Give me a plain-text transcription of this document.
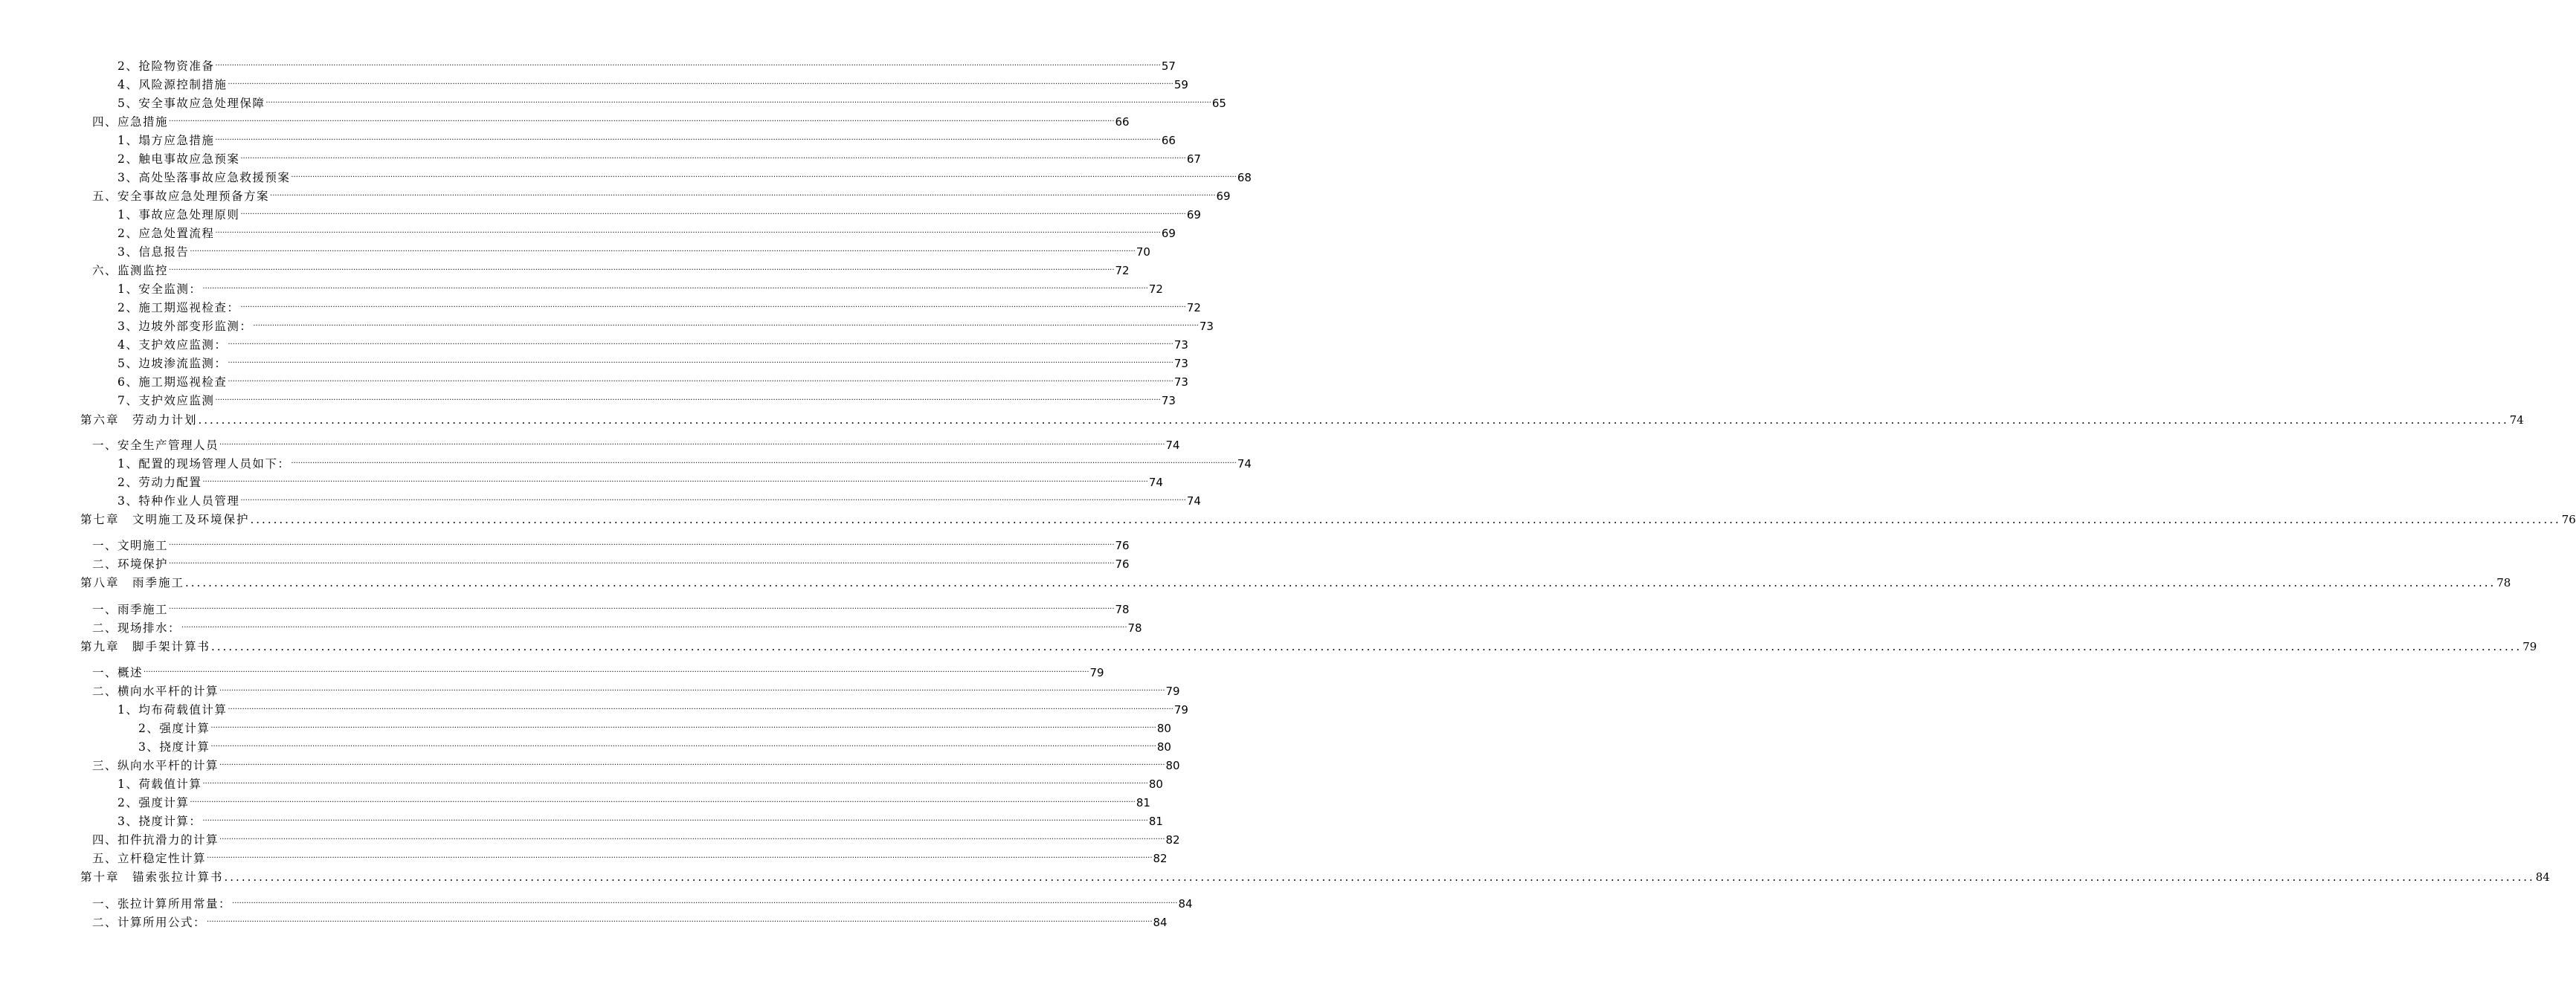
2、抢险物资准备 ................................................................................................................................................................................................................................................................................................................................................................................................................ 57
4、风险源控制措施 ................................................................................................................................................................................................................................................................................................................................................................................................................ 59
5、安全事故应急处理保障 ................................................................................................................................................................................................................................................................................................................................................................................................................ 65
四、应急措施 ................................................................................................................................................................................................................................................................................................................................................................................................................ 66
1、塌方应急措施 ................................................................................................................................................................................................................................................................................................................................................................................................................ 66
2、触电事故应急预案 ................................................................................................................................................................................................................................................................................................................................................................................................................ 67
3、高处坠落事故应急救援预案 ................................................................................................................................................................................................................................................................................................................................................................................................................ 68
五、安全事故应急处理预备方案 ................................................................................................................................................................................................................................................................................................................................................................................................................ 69
1、事故应急处理原则 ................................................................................................................................................................................................................................................................................................................................................................................................................ 69
2、应急处置流程 ................................................................................................................................................................................................................................................................................................................................................................................................................ 69
3、信息报告 ................................................................................................................................................................................................................................................................................................................................................................................................................ 70
六、监测监控 ................................................................................................................................................................................................................................................................................................................................................................................................................ 72
1、安全监测： ................................................................................................................................................................................................................................................................................................................................................................................................................ 72
2、施工期巡视检查： ................................................................................................................................................................................................................................................................................................................................................................................................................ 72
3、边坡外部变形监测： ................................................................................................................................................................................................................................................................................................................................................................................................................ 73
4、支护效应监测： ................................................................................................................................................................................................................................................................................................................................................................................................................ 73
5、边坡渗流监测： ................................................................................................................................................................................................................................................................................................................................................................................................................ 73
6、施工期巡视检查 ................................................................................................................................................................................................................................................................................................................................................................................................................ 73
7、支护效应监测 ................................................................................................................................................................................................................................................................................................................................................................................................................ 73
第六章　劳动力计划 ................................................................................................................................................................................................................................................................................................................................................................................................................ 74
一、安全生产管理人员 ................................................................................................................................................................................................................................................................................................................................................................................................................ 74
1、配置的现场管理人员如下： ................................................................................................................................................................................................................................................................................................................................................................................................................ 74
2、劳动力配置 ................................................................................................................................................................................................................................................................................................................................................................................................................ 74
3、特种作业人员管理 ................................................................................................................................................................................................................................................................................................................................................................................................................ 74
第七章　文明施工及环境保护 ................................................................................................................................................................................................................................................................................................................................................................................................................ 76
一、文明施工 ................................................................................................................................................................................................................................................................................................................................................................................................................ 76
二、环境保护 ................................................................................................................................................................................................................................................................................................................................................................................................................ 76
第八章　雨季施工 ................................................................................................................................................................................................................................................................................................................................................................................................................ 78
一、雨季施工 ................................................................................................................................................................................................................................................................................................................................................................................................................ 78
二、现场排水： ................................................................................................................................................................................................................................................................................................................................................................................................................ 78
第九章　脚手架计算书 ................................................................................................................................................................................................................................................................................................................................................................................................................ 79
一、概述 ................................................................................................................................................................................................................................................................................................................................................................................................................ 79
二、横向水平杆的计算 ................................................................................................................................................................................................................................................................................................................................................................................................................ 79
1、均布荷载值计算 ................................................................................................................................................................................................................................................................................................................................................................................................................ 79
2、强度计算 ................................................................................................................................................................................................................................................................................................................................................................................................................ 80
3、挠度计算 ................................................................................................................................................................................................................................................................................................................................................................................................................ 80
三、纵向水平杆的计算 ................................................................................................................................................................................................................................................................................................................................................................................................................ 80
1、荷载值计算 ................................................................................................................................................................................................................................................................................................................................................................................................................ 80
2、强度计算 ................................................................................................................................................................................................................................................................................................................................................................................................................ 81
3、挠度计算： ................................................................................................................................................................................................................................................................................................................................................................................................................ 81
四、扣件抗滑力的计算 ................................................................................................................................................................................................................................................................................................................................................................................................................ 82
五、立杆稳定性计算 ................................................................................................................................................................................................................................................................................................................................................................................................................ 82
第十章　锚索张拉计算书 ................................................................................................................................................................................................................................................................................................................................................................................................................ 84
一、张拉计算所用常量： ................................................................................................................................................................................................................................................................................................................................................................................................................ 84
二、计算所用公式： ................................................................................................................................................................................................................................................................................................................................................................................................................ 84
